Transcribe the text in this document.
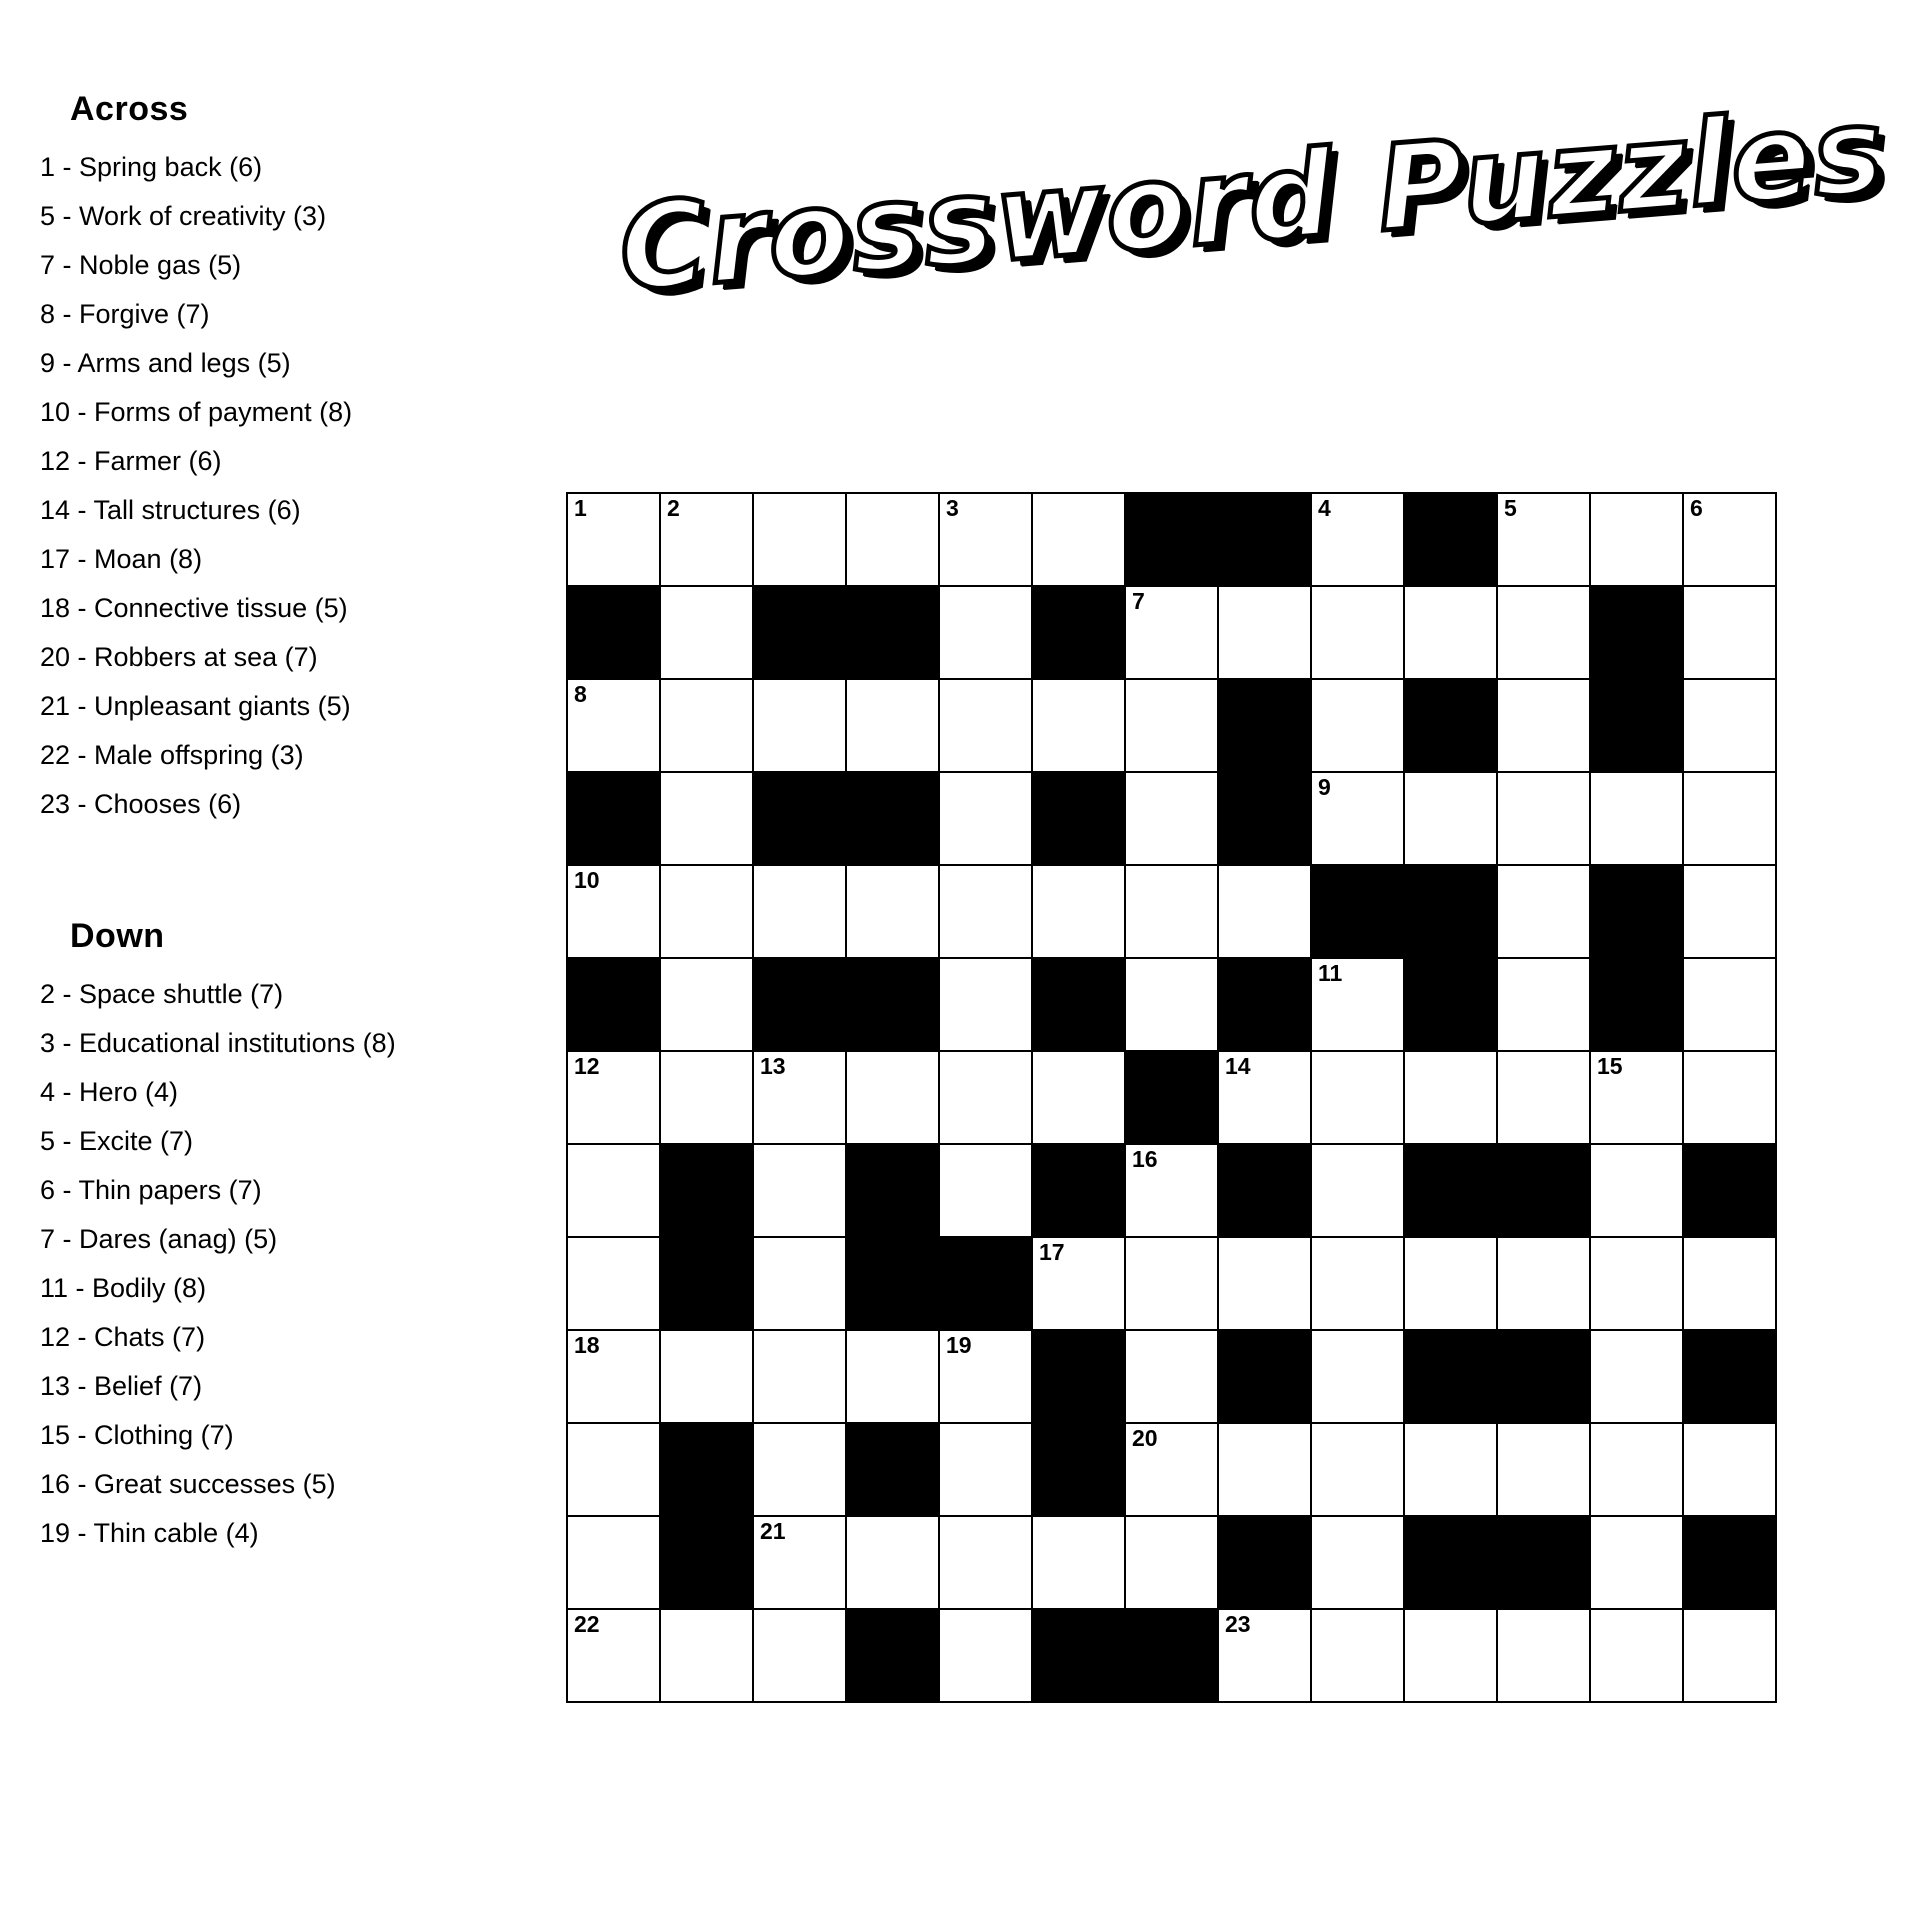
Across
1 - Spring back (6)
5 - Work of creativity (3)
7 - Noble gas (5)
8 - Forgive (7)
9 - Arms and legs (5)
10 - Forms of payment (8)
12 - Farmer (6)
14 - Tall structures (6)
17 - Moan (8)
18 - Connective tissue (5)
20 - Robbers at sea (7)
21 - Unpleasant giants (5)
22 - Male offspring (3)
23 - Chooses (6)
Down
2 - Space shuttle (7)
3 - Educational institutions (8)
4 - Hero (4)
5 - Excite (7)
6 - Thin papers (7)
7 - Dares (anag) (5)
11 - Bodily (8)
12 - Chats (7)
13 - Belief (7)
15 - Clothing (7)
16 - Great successes (5)
19 - Thin cable (4)
Crossword Puzzles
1	2			3				4		5		6

						7						

8												

								9				

10												

								11				

12		13					14				15	

						16						

					17							

18				19								

						20						

		21										

22							23					
